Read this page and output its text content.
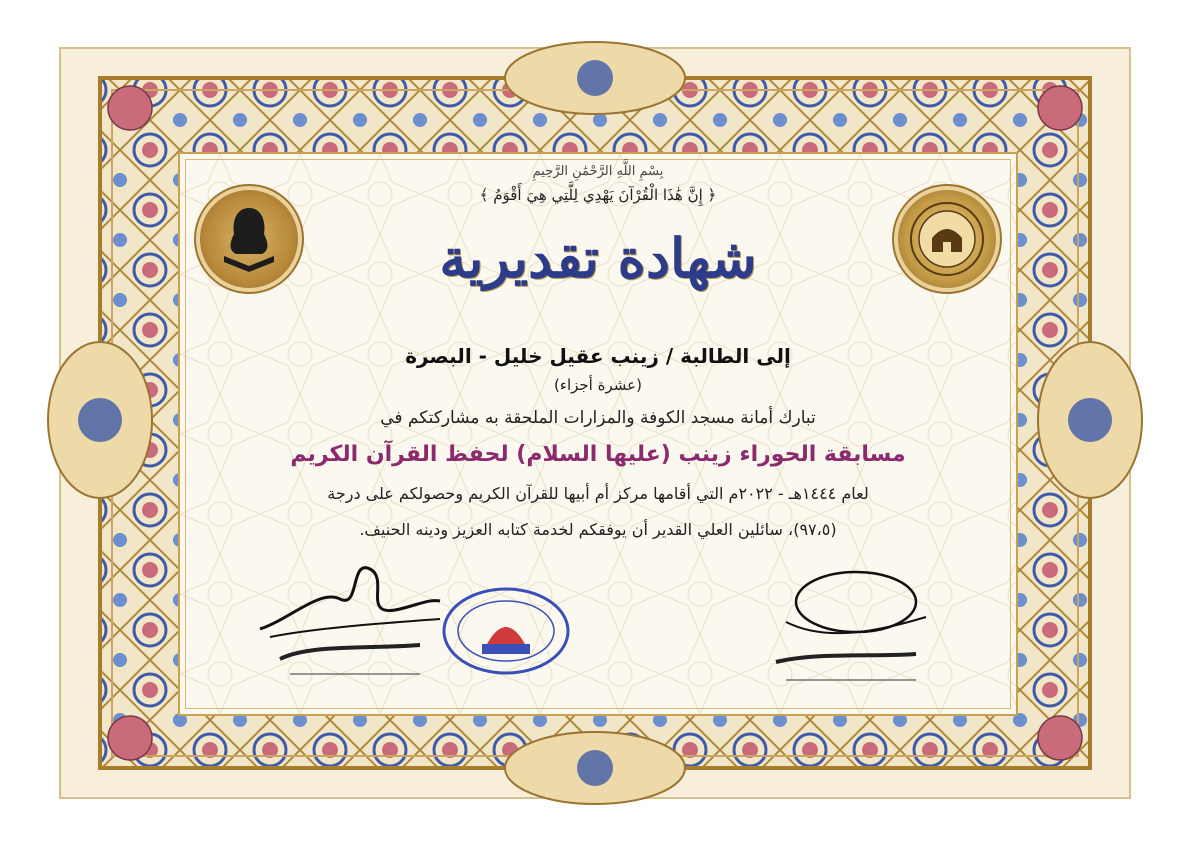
بِسْمِ اللَّهِ الرَّحْمَٰنِ الرَّحِيمِ
﴿ إِنَّ هَٰذَا الْقُرْآنَ يَهْدِي لِلَّتِي هِيَ أَقْوَمُ ﴾
شهادة تقديرية
إلى الطالبة / زينب عقيل خليل - البصرة
(عشرة أجزاء)
تبارك أمانة مسجد الكوفة والمزارات الملحقة به مشاركتكم في
مسابقة الحوراء زينب (عليها السلام) لحفظ القرآن الكريم
لعام ١٤٤٤هـ - ٢٠٢٢م التي أقامها مركز أم أبيها للقرآن الكريم وحصولكم على درجة
(٩٧،٥)، سائلين العلي القدير أن يوفقكم لخدمة كتابه العزيز ودينه الحنيف.
